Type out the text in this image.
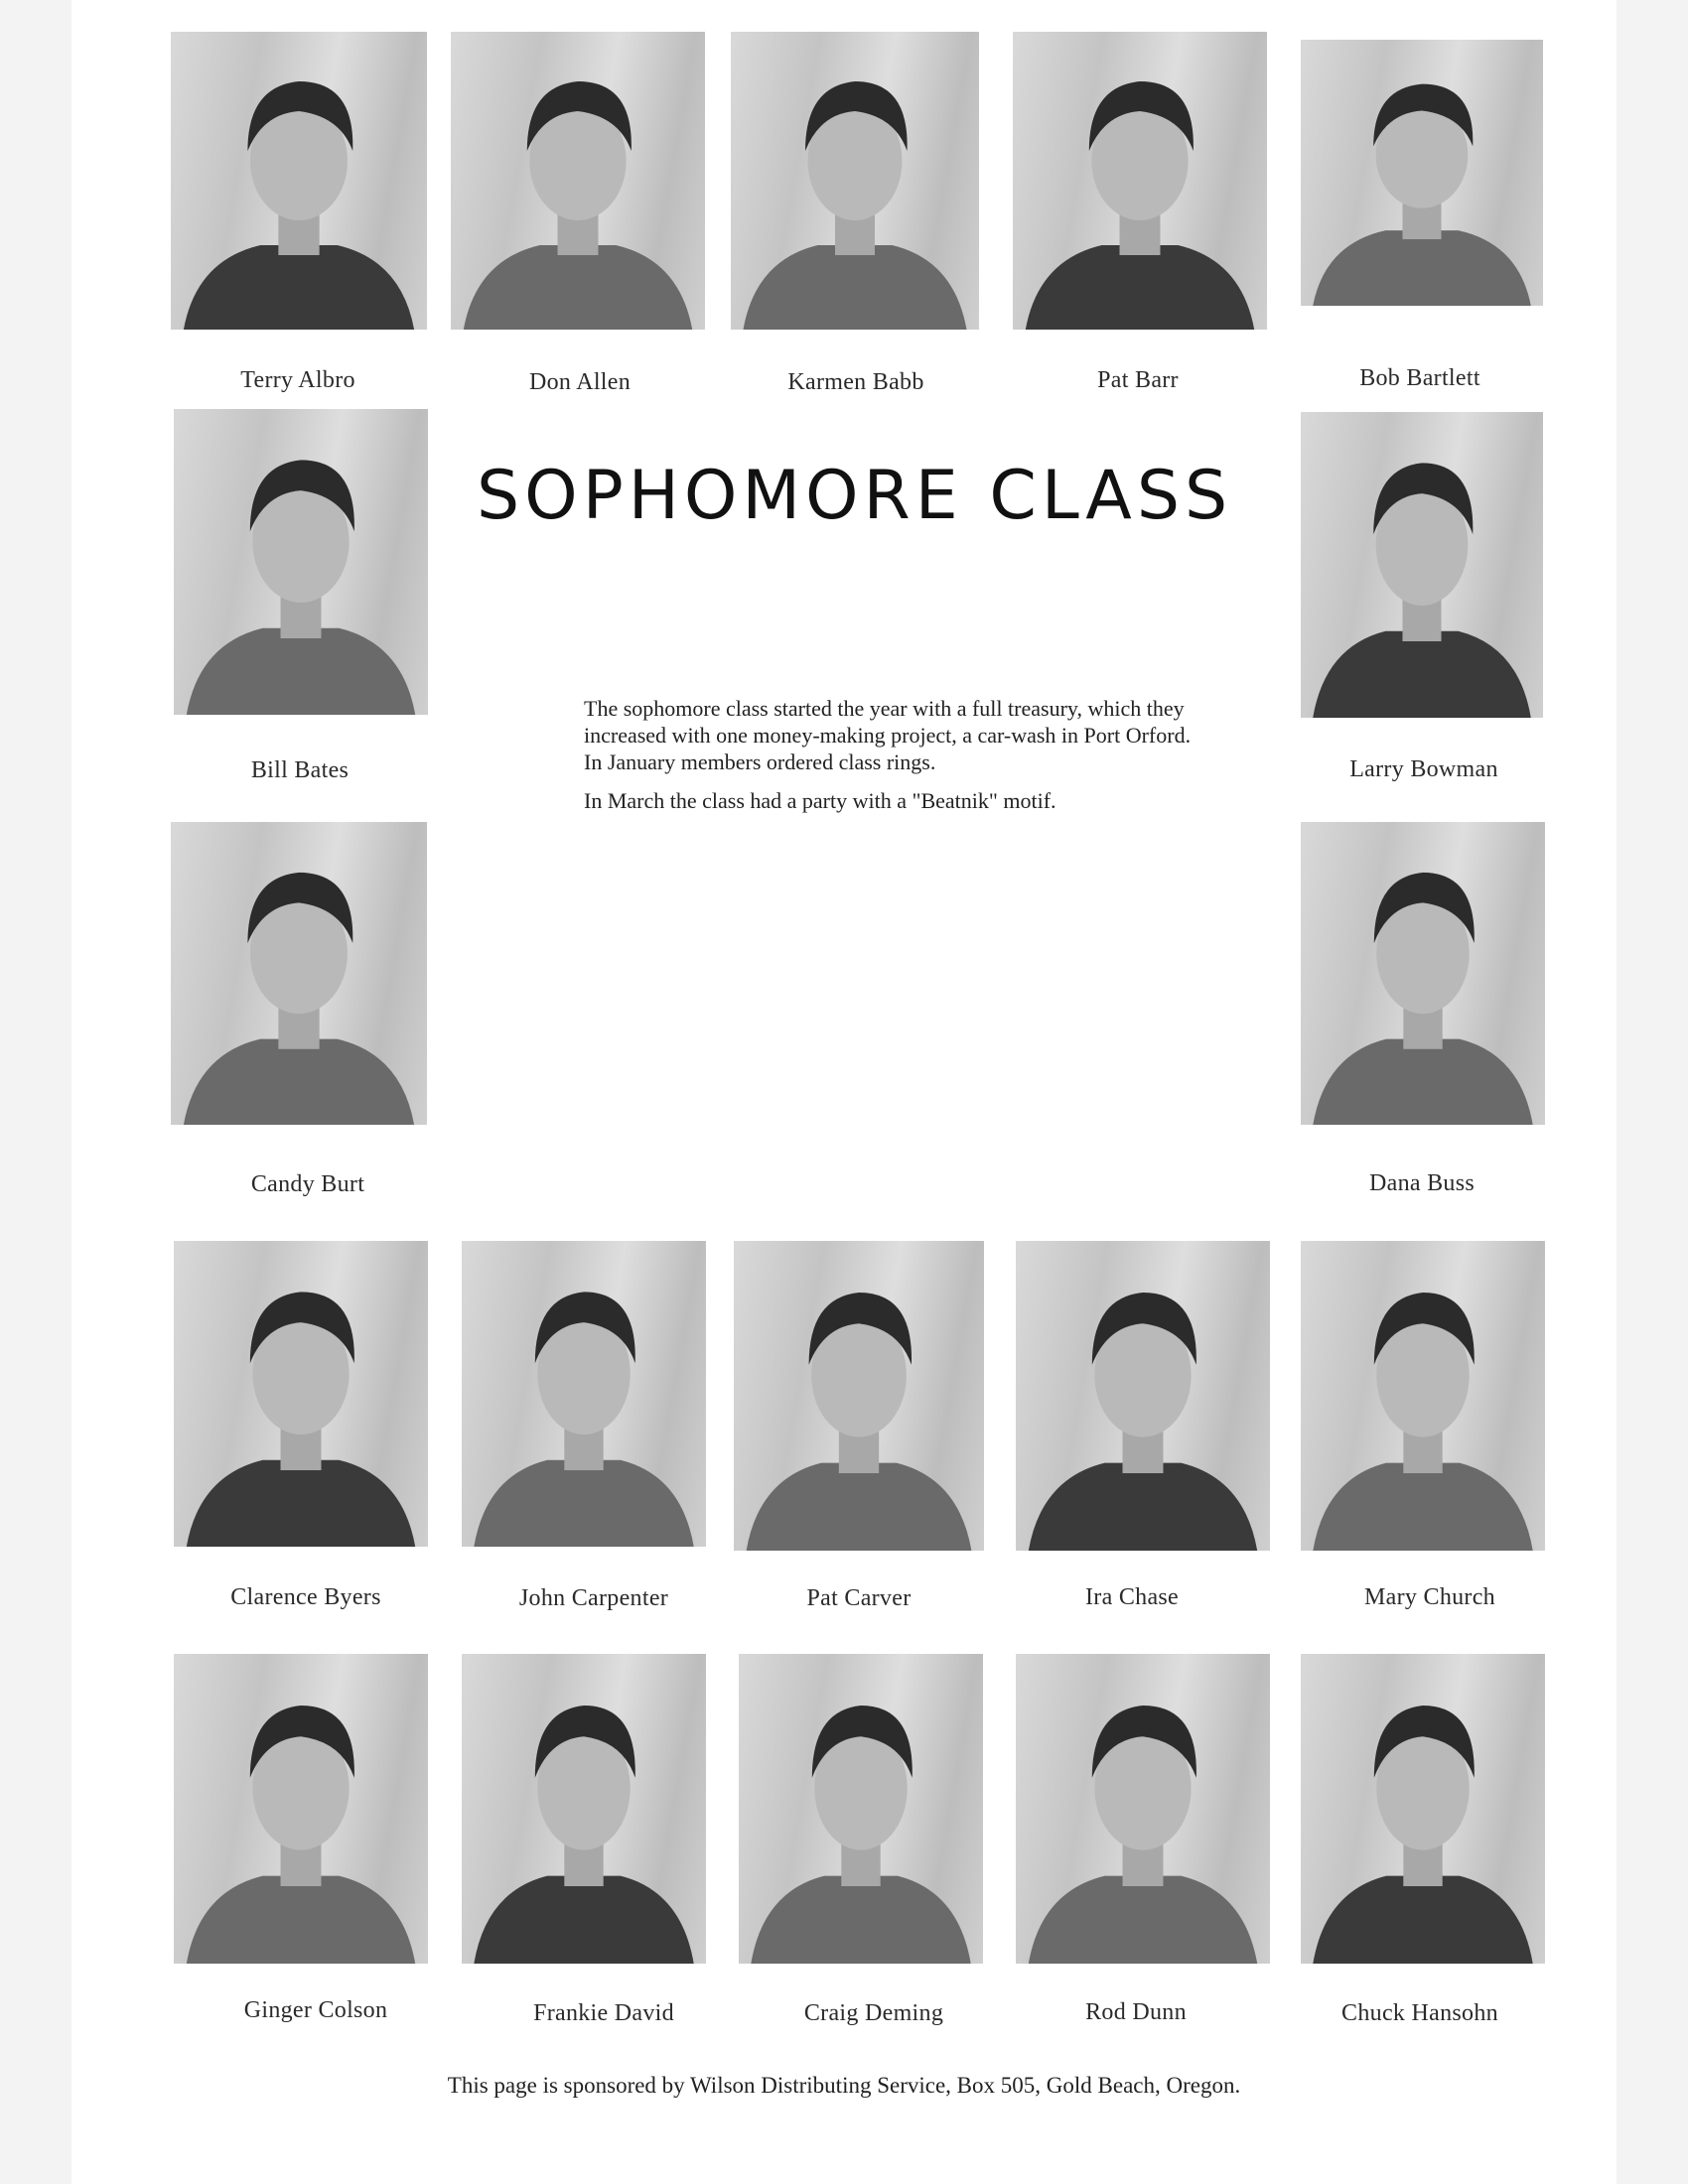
Terry Albro	Don Allen	Karmen Babb	Pat Barr	Bob Bartlett
Bill Bates	Larry Bowman
Candy Burt	Dana Buss
Clarence Byers	John Carpenter	Pat Carver	Ira Chase	Mary Church
Ginger Colson	Frankie David	Craig Deming	Rod Dunn	Chuck Hansohn
SOPHOMORE CLASS

The sophomore class started the year with a full treasury, which they increased with one money-making project, a car-wash in Port Orford. In January members ordered class rings.

In March the class had a party with a "Beatnik" motif.

This page is sponsored by Wilson Distributing Service, Box 505, Gold Beach, Oregon.
